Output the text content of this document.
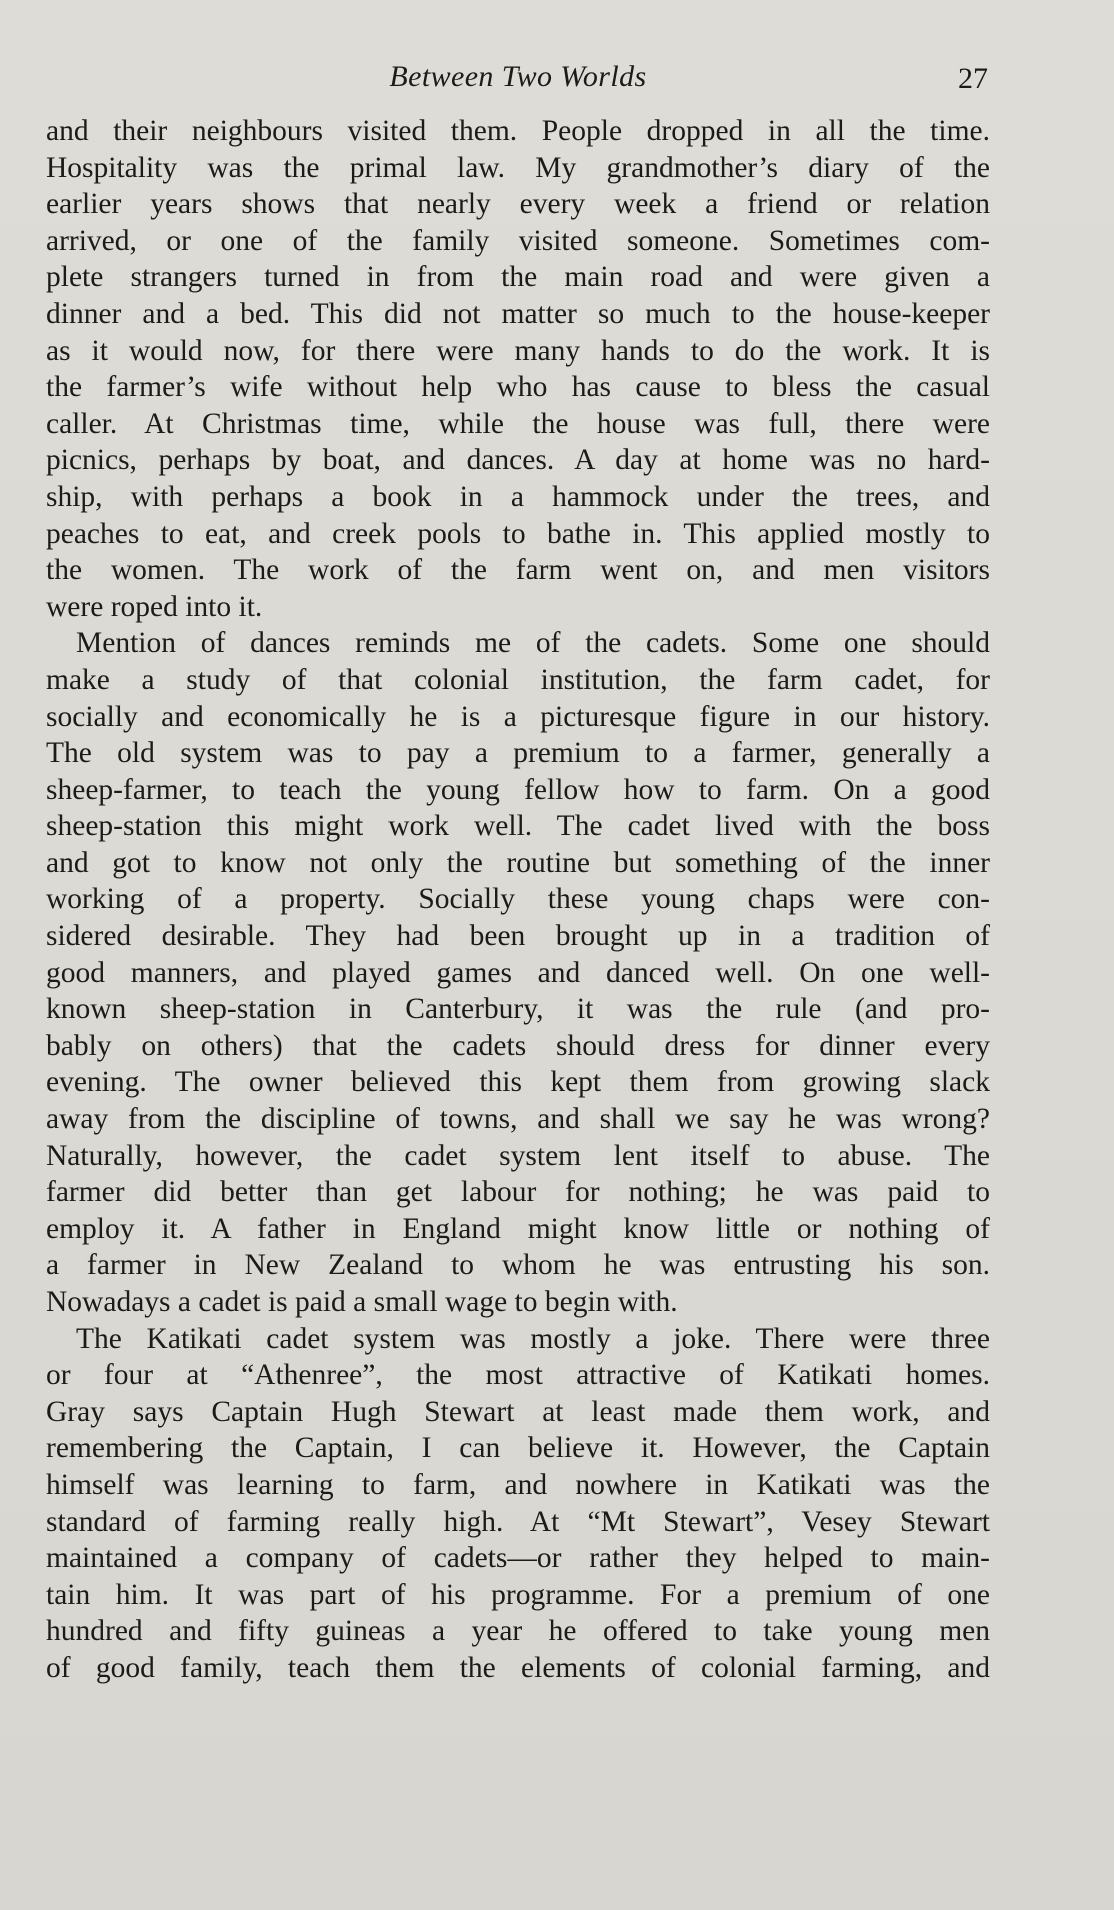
Between Two Worlds	27
and their neighbours visited them. People dropped in all the time.
Hospitality was the primal law. My grandmother’s diary of the
earlier years shows that nearly every week a friend or relation
arrived, or one of the family visited someone. Sometimes com-
plete strangers turned in from the main road and were given a
dinner and a bed. This did not matter so much to the house-keeper
as it would now, for there were many hands to do the work. It is
the farmer’s wife without help who has cause to bless the casual
caller. At Christmas time, while the house was full, there were
picnics, perhaps by boat, and dances. A day at home was no hard-
ship, with perhaps a book in a hammock under the trees, and
peaches to eat, and creek pools to bathe in. This applied mostly to
the women. The work of the farm went on, and men visitors
were roped into it.
Mention of dances reminds me of the cadets. Some one should
make a study of that colonial institution, the farm cadet, for
socially and economically he is a picturesque figure in our history.
The old system was to pay a premium to a farmer, generally a
sheep-farmer, to teach the young fellow how to farm. On a good
sheep-station this might work well. The cadet lived with the boss
and got to know not only the routine but something of the inner
working of a property. Socially these young chaps were con-
sidered desirable. They had been brought up in a tradition of
good manners, and played games and danced well. On one well-
known sheep-station in Canterbury, it was the rule (and pro-
bably on others) that the cadets should dress for dinner every
evening. The owner believed this kept them from growing slack
away from the discipline of towns, and shall we say he was wrong?
Naturally, however, the cadet system lent itself to abuse. The
farmer did better than get labour for nothing; he was paid to
employ it. A father in England might know little or nothing of
a farmer in New Zealand to whom he was entrusting his son.
Nowadays a cadet is paid a small wage to begin with.
The Katikati cadet system was mostly a joke. There were three
or four at “Athenree”, the most attractive of Katikati homes.
Gray says Captain Hugh Stewart at least made them work, and
remembering the Captain, I can believe it. However, the Captain
himself was learning to farm, and nowhere in Katikati was the
standard of farming really high. At “Mt Stewart”, Vesey Stewart
maintained a company of cadets—or rather they helped to main-
tain him. It was part of his programme. For a premium of one
hundred and fifty guineas a year he offered to take young men
of good family, teach them the elements of colonial farming, and
